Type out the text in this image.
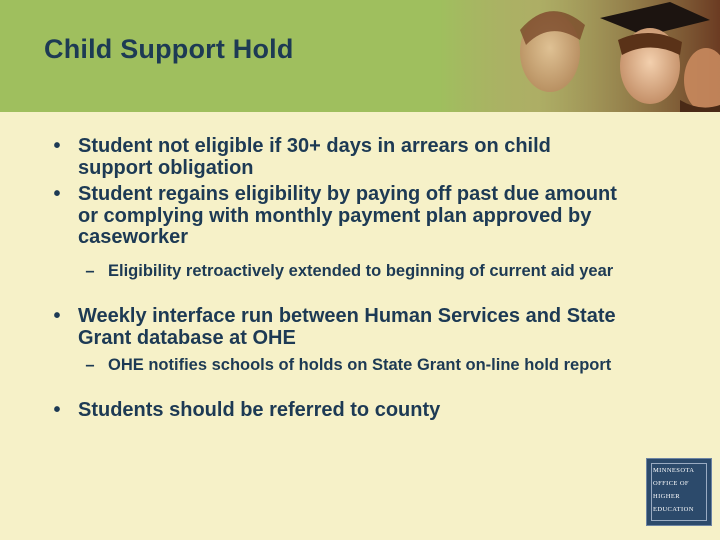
Child Support Hold
• Student not eligible if 30+ days in arrears on child support obligation
• Student regains eligibility by paying off past due amount or complying with monthly payment plan approved by caseworker
– Eligibility retroactively extended to beginning of current aid year
• Weekly interface run between Human Services and State Grant database at OHE
– OHE notifies schools of holds on State Grant on-line hold report
• Students should be referred to county
MINNESOTA
OFFICE OF
HIGHER
EDUCATION
